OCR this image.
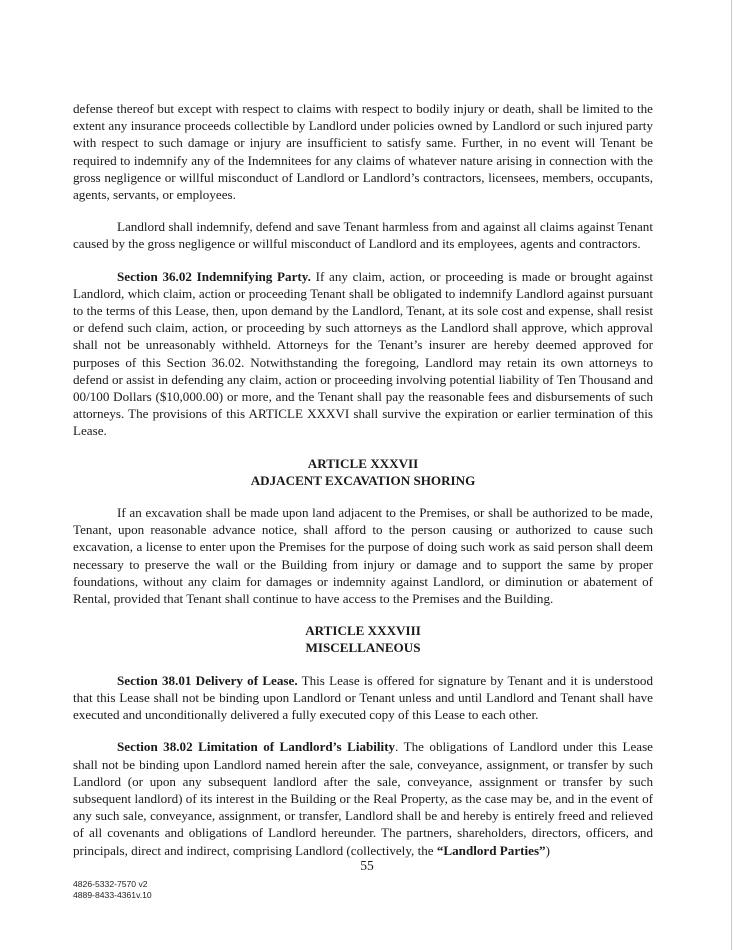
defense thereof but except with respect to claims with respect to bodily injury or death, shall be limited to the extent any insurance proceeds collectible by Landlord under policies owned by Landlord or such injured party with respect to such damage or injury are insufficient to satisfy same. Further, in no event will Tenant be required to indemnify any of the Indemnitees for any claims of whatever nature arising in connection with the gross negligence or willful misconduct of Landlord or Landlord’s contractors, licensees, members, occupants, agents, servants, or employees.

Landlord shall indemnify, defend and save Tenant harmless from and against all claims against Tenant caused by the gross negligence or willful misconduct of Landlord and its employees, agents and contractors.

Section 36.02 Indemnifying Party. If any claim, action, or proceeding is made or brought against Landlord, which claim, action or proceeding Tenant shall be obligated to indemnify Landlord against pursuant to the terms of this Lease, then, upon demand by the Landlord, Tenant, at its sole cost and expense, shall resist or defend such claim, action, or proceeding by such attorneys as the Landlord shall approve, which approval shall not be unreasonably withheld. Attorneys for the Tenant’s insurer are hereby deemed approved for purposes of this Section 36.02. Notwithstanding the foregoing, Landlord may retain its own attorneys to defend or assist in defending any claim, action or proceeding involving potential liability of Ten Thousand and 00/100 Dollars ($10,000.00) or more, and the Tenant shall pay the reasonable fees and disbursements of such attorneys. The provisions of this ARTICLE XXXVI shall survive the expiration or earlier termination of this Lease.

ARTICLE XXXVII
ADJACENT EXCAVATION SHORING

If an excavation shall be made upon land adjacent to the Premises, or shall be authorized to be made, Tenant, upon reasonable advance notice, shall afford to the person causing or authorized to cause such excavation, a license to enter upon the Premises for the purpose of doing such work as said person shall deem necessary to preserve the wall or the Building from injury or damage and to support the same by proper foundations, without any claim for damages or indemnity against Landlord, or diminution or abatement of Rental, provided that Tenant shall continue to have access to the Premises and the Building.

ARTICLE XXXVIII
MISCELLANEOUS

Section 38.01 Delivery of Lease. This Lease is offered for signature by Tenant and it is understood that this Lease shall not be binding upon Landlord or Tenant unless and until Landlord and Tenant shall have executed and unconditionally delivered a fully executed copy of this Lease to each other.

Section 38.02 Limitation of Landlord’s Liability. The obligations of Landlord under this Lease shall not be binding upon Landlord named herein after the sale, conveyance, assignment, or transfer by such Landlord (or upon any subsequent landlord after the sale, conveyance, assignment or transfer by such subsequent landlord) of its interest in the Building or the Real Property, as the case may be, and in the event of any such sale, conveyance, assignment, or transfer, Landlord shall be and hereby is entirely freed and relieved of all covenants and obligations of Landlord hereunder. The partners, shareholders, directors, officers, and principals, direct and indirect, comprising Landlord (collectively, the “Landlord Parties”)

55
4826-5332-7570 v2
4889-8433-4361v.10
